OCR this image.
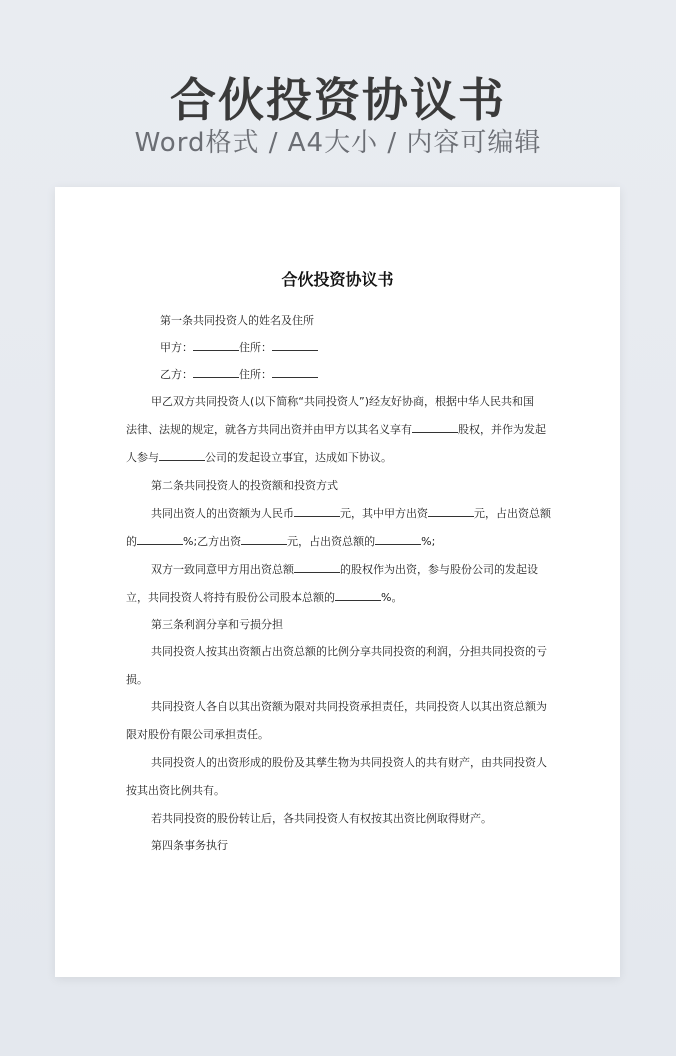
合伙投资协议书
Word格式 / A4大小 / 内容可编辑
合伙投资协议书
第一条共同投资人的姓名及住所
甲方：	住所：
乙方：	住所：
甲乙双方共同投资人(以下简称“共同投资人”)经友好协商，根据中华人民共和国
法律、法规的规定，就各方共同出资并由甲方以其名义享有	股权，并作为发起
人参与	公司的发起设立事宜，达成如下协议。
第二条共同投资人的投资额和投资方式
共同出资人的出资额为人民币	元，其中甲方出资	元，占出资总额
的	%;乙方出资	元，占出资总额的	%;
双方一致同意甲方用出资总额	的股权作为出资，参与股份公司的发起设
立，共同投资人将持有股份公司股本总额的	%。
第三条利润分享和亏损分担
共同投资人按其出资额占出资总额的比例分享共同投资的利润，分担共同投资的亏
损。
共同投资人各自以其出资额为限对共同投资承担责任，共同投资人以其出资总额为
限对股份有限公司承担责任。
共同投资人的出资形成的股份及其孳生物为共同投资人的共有财产，由共同投资人
按其出资比例共有。
若共同投资的股份转让后，各共同投资人有权按其出资比例取得财产。
第四条事务执行
